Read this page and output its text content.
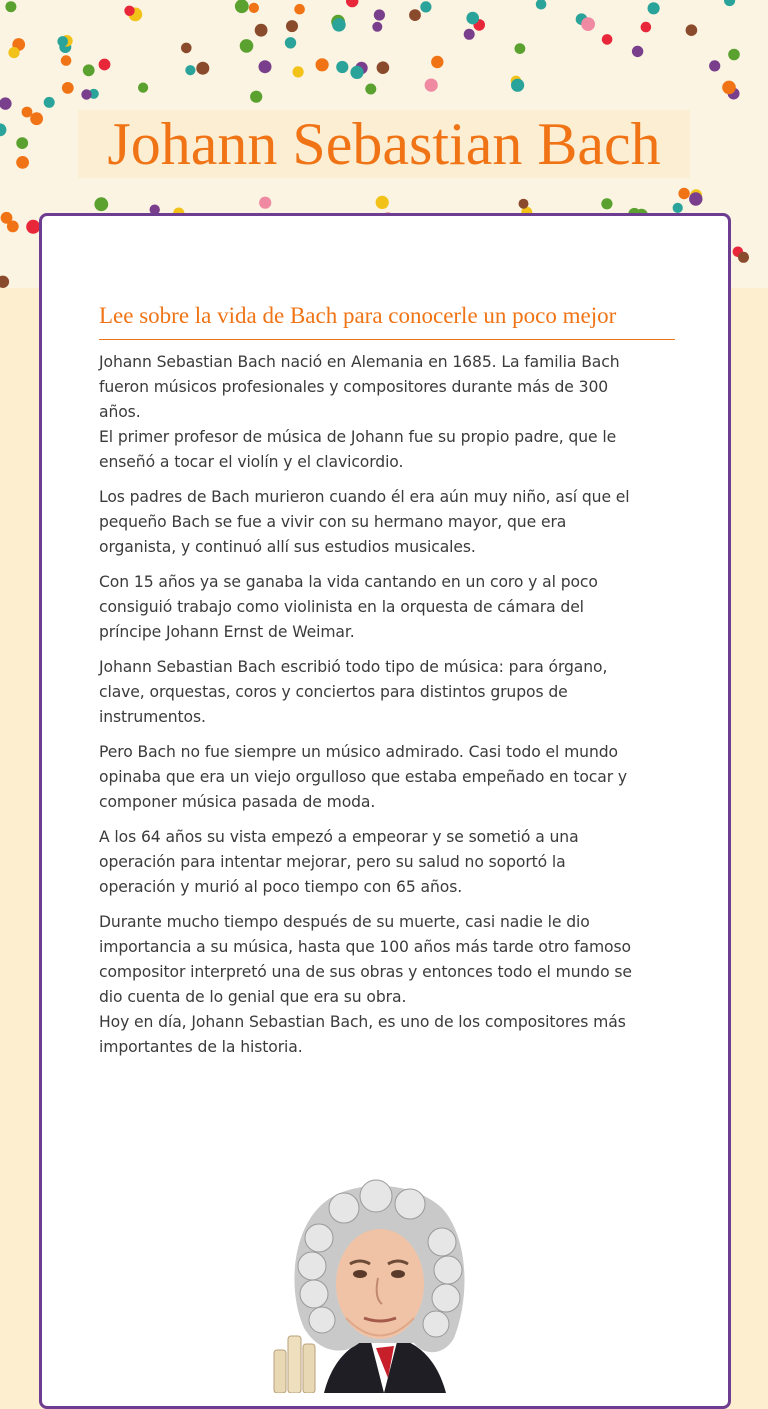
Johann Sebastian Bach
Lee sobre la vida de Bach para conocerle un poco mejor
Johann Sebastian Bach nació en Alemania en 1685. La familia Bach
fueron músicos profesionales y compositores durante más de 300
años.
El primer profesor de música de Johann fue su propio padre, que le
enseñó a tocar el violín y el clavicordio.
Los padres de Bach murieron cuando él era aún muy niño, así que el
pequeño Bach se fue a vivir con su hermano mayor, que era
organista, y continuó allí sus estudios musicales.
Con 15 años ya se ganaba la vida cantando en un coro y al poco
consiguió trabajo como violinista en la orquesta de cámara del
príncipe Johann Ernst de Weimar.
Johann Sebastian Bach escribió todo tipo de música: para órgano,
clave, orquestas, coros y conciertos para distintos grupos de
instrumentos.
Pero Bach no fue siempre un músico admirado. Casi todo el mundo
opinaba que era un viejo orgulloso que estaba empeñado en tocar y
componer música pasada de moda.
A los 64 años su vista empezó a empeorar y se sometió a una
operación para intentar mejorar, pero su salud no soportó la
operación y murió al poco tiempo con 65 años.
Durante mucho tiempo después de su muerte, casi nadie le dio
importancia a su música, hasta que 100 años más tarde otro famoso
compositor interpretó una de sus obras y entonces todo el mundo se
dio cuenta de lo genial que era su obra.
Hoy en día, Johann Sebastian Bach, es uno de los compositores más
importantes de la historia.
